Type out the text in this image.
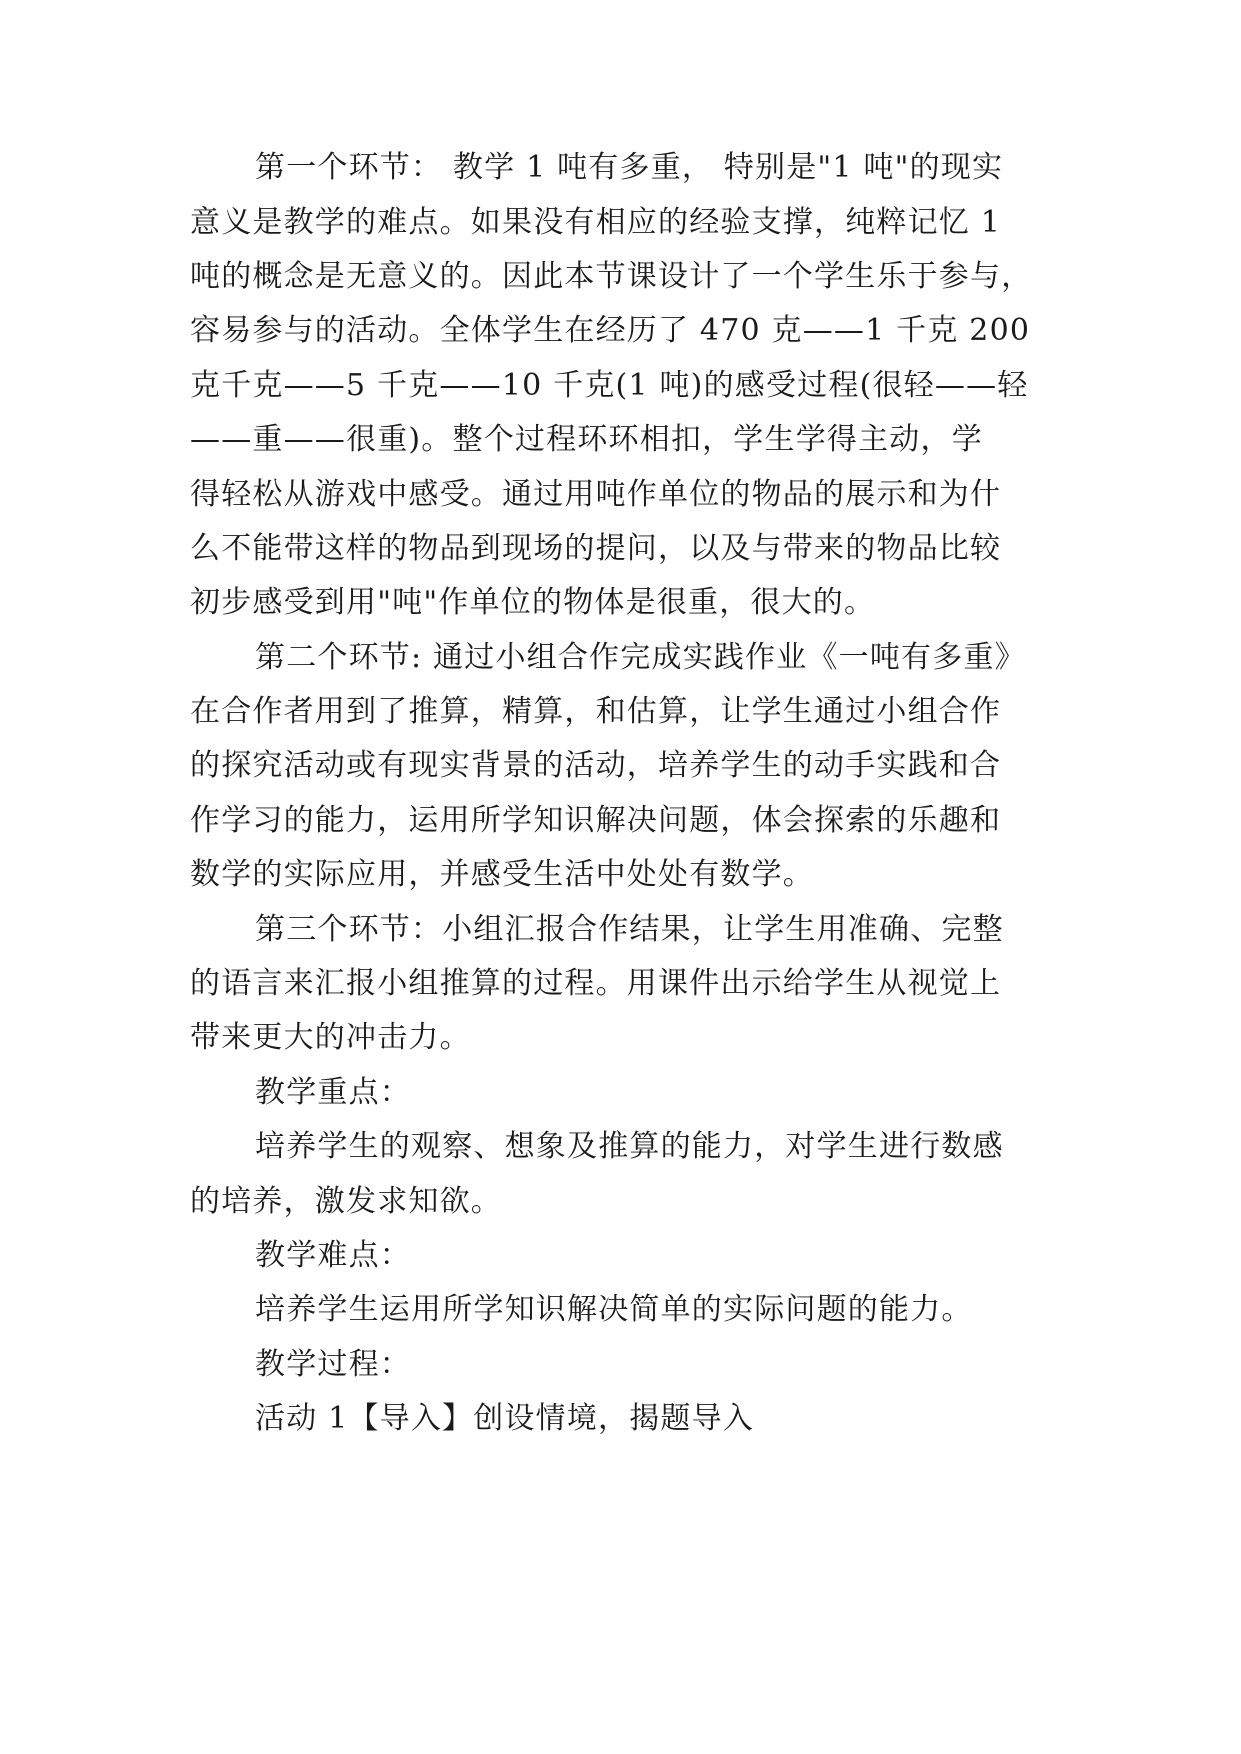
第一个环节： 教学 1 吨有多重， 特别是"1 吨"的现实

意义是教学的难点。如果没有相应的经验支撑，纯粹记忆 1

吨的概念是无意义的。因此本节课设计了一个学生乐于参与，

容易参与的活动。全体学生在经历了 470 克——1 千克 200

克千克——5 千克——10 千克(1 吨)的感受过程(很轻——轻

——重——很重)。整个过程环环相扣，学生学得主动，学

得轻松从游戏中感受。通过用吨作单位的物品的展示和为什

么不能带这样的物品到现场的提问，以及与带来的物品比较

初步感受到用"吨"作单位的物体是很重，很大的。

第二个环节: 通过小组合作完成实践作业《一吨有多重》

在合作者用到了推算，精算，和估算，让学生通过小组合作

的探究活动或有现实背景的活动，培养学生的动手实践和合

作学习的能力，运用所学知识解决问题，体会探索的乐趣和

数学的实际应用，并感受生活中处处有数学。

第三个环节：小组汇报合作结果，让学生用准确、完整

的语言来汇报小组推算的过程。用课件出示给学生从视觉上

带来更大的冲击力。

教学重点：

培养学生的观察、想象及推算的能力，对学生进行数感

的培养，激发求知欲。

教学难点：

培养学生运用所学知识解决简单的实际问题的能力。

教学过程：

活动 1【导入】创设情境，揭题导入
